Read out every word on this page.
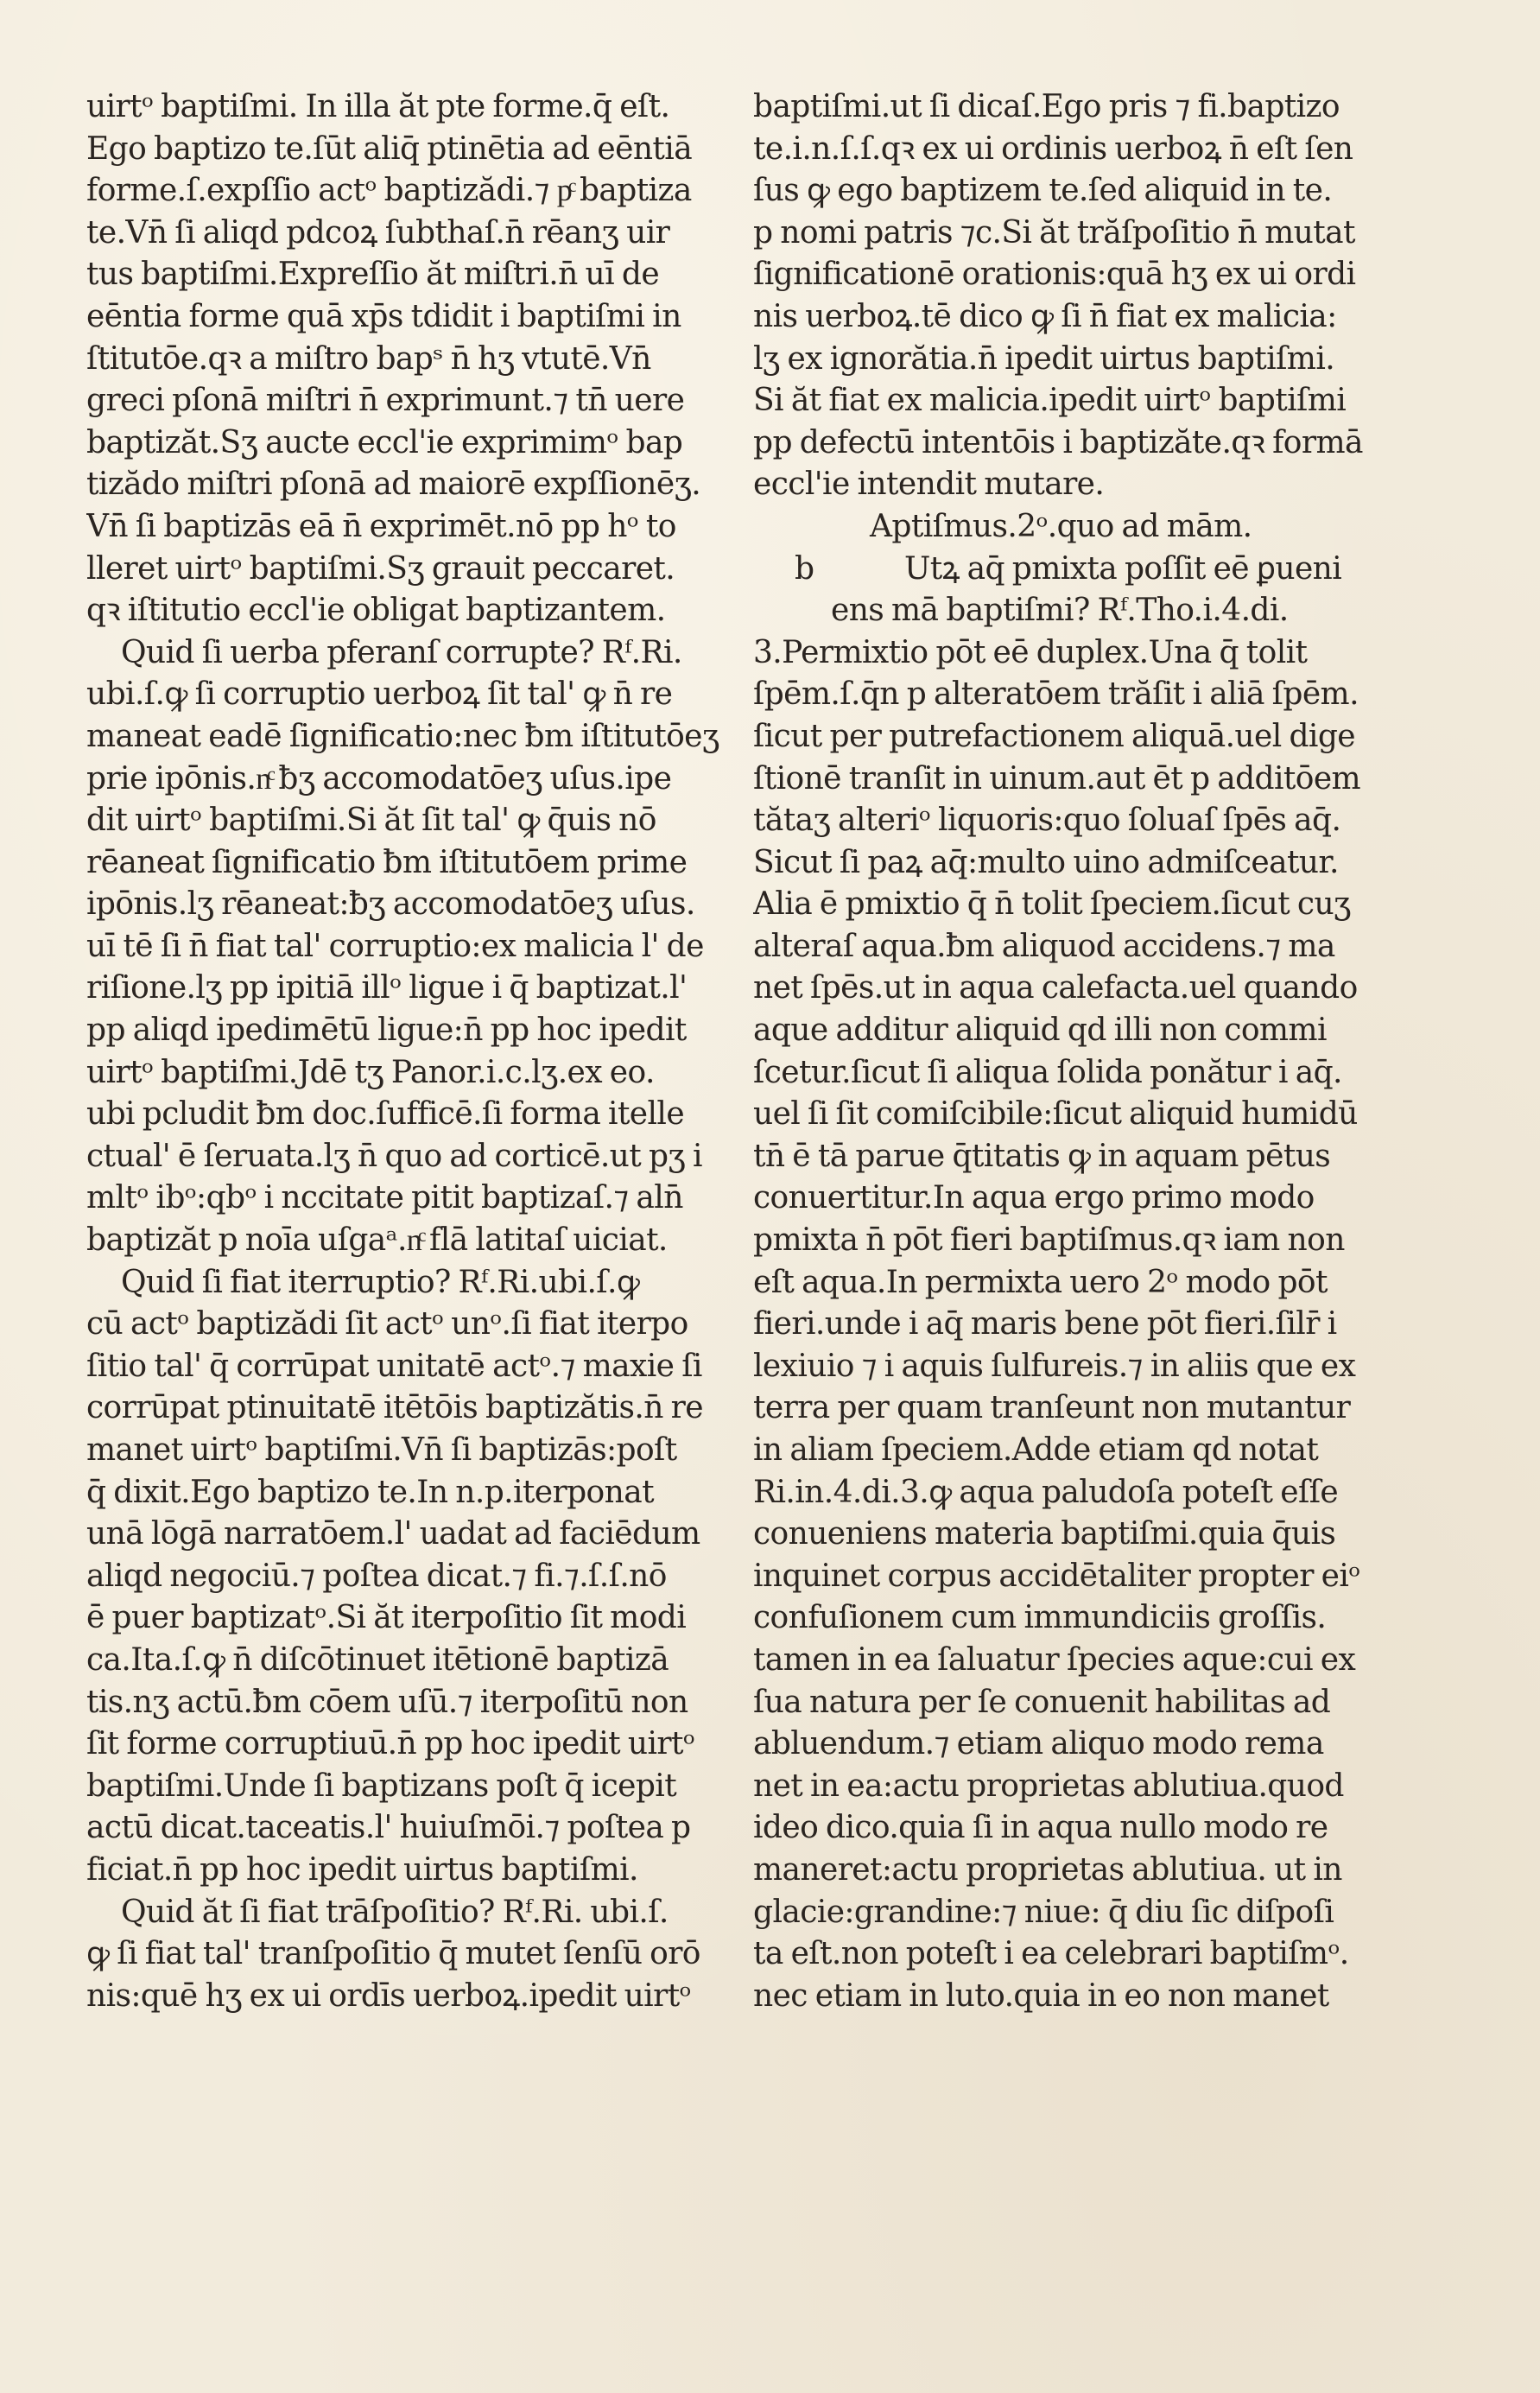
uirtᵒ baptiſmi. In illa ăt pte forme.q̄ eſt.
Ego baptizo te.ſūt aliq̄ ptinētia ad eēntiā
forme.ſ.expſſio actᵒ baptizădi.⁊ pͨ baptiza
te.Vn̄ ſi aliqd pdcoꝝ ſubthaſ.n̄ rēanʒ uir
tus baptiſmi.Expreſſio ăt miſtri.n̄ uī de
eēntia forme quā xp̄s tdidit i baptiſmi in
ſtitutōe.qꝛ a miſtro bapˢ n̄ hʒ vtutē.Vn̄
greci pſonā miſtri n̄ exprimunt.⁊ tn̄ uere
baptizăt.Sʒ aucte eccl'ie exprimimᵒ bap
tizădo miſtri pſonā ad maiorē expſſionēʒ.
Vn̄ ſi baptizās eā n̄ exprimēt.nō pp hᵒ to
lleret uirtᵒ baptiſmi.Sʒ grauit peccaret.
qꝛ iſtitutio eccl'ie obligat baptizantem.
Quid ſi uerba pferanſ corrupte? Rᶠ.Ri.
ubi.ſ.ꝙ ſi corruptio uerboꝝ ſit tal' ꝙ n̄ re
maneat eadē ſignificatio:nec ƀm iſtitutōeʒ
prie ipōnis.nͨ ƀʒ accomodatōeʒ uſus.ipe
dit uirtᵒ baptiſmi.Si ăt ſit tal' ꝙ q̄uis nō
rēaneat ſignificatio ƀm iſtitutōem prime
ipōnis.lʒ rēaneat:ƀʒ accomodatōeʒ uſus.
uī tē ſi n̄ fiat tal' corruptio:ex malicia l' de
riſione.lʒ pp ipitiā illᵒ ligue i q̄ baptizat.l'
pp aliqd ipedimētū ligue:n̄ pp hoc ipedit
uirtᵒ baptiſmi.Jdē tʒ Panor.i.c.lʒ.ex eo.
ubi pcludit ƀm doc.ſufficē.ſi forma itelle
ctual' ē ſeruata.lʒ n̄ quo ad corticē.ut pʒ i
mltᵒ ibᵒ:qbᵒ i nccitate pitit baptizaſ.⁊ aln̄
baptizăt p noīa uſgaᵃ.nͨ flā latitaſ uiciat.
Quid ſi fiat iterruptio? Rᶠ.Ri.ubi.ſ.ꝙ
cū actᵒ baptizădi ſit actᵒ unᵒ.ſi fiat iterpo
ſitio tal' q̄ corrūpat unitatē actᵒ.⁊ maxie ſi
corrūpat ptinuitatē itētōis baptizătis.n̄ re
manet uirtᵒ baptiſmi.Vn̄ ſi baptizās:poſt
q̄̄ dixit.Ego baptizo te.In n.p.iterponat
unā lōgā narratōem.l' uadat ad faciēdum
aliqd negociū.⁊ poſtea dicat.⁊ fi.⁊.ſ.ſ.nō
ē puer baptizatᵒ.Si ăt iterpoſitio ſit modi
ca.Ita.ſ.ꝙ n̄ diſcōtinuet itētionē baptizā
tis.nʒ actū.ƀm cōem uſū.⁊ iterpoſitū non
ſit forme corruptiuū.n̄ pp hoc ipedit uirtᵒ
baptiſmi.Unde ſi baptizans poſt q̄ icepit
actū dicat.taceatis.l' huiuſmōi.⁊ poſtea p
ficiat.n̄ pp hoc ipedit uirtus baptiſmi.
Quid ăt ſi fiat trāſpoſitio? Rᶠ.Ri. ubi.ſ.
ꝙ ſi fiat tal' tranſpoſitio q̄ mutet ſenſū orō
nis:quē hʒ ex ui ordīs uerboꝝ.ipedit uirtᵒ
baptiſmi.ut ſi dicaſ.Ego pris ⁊ fi.baptizo
te.i.n.ſ.ſ.qꝛ ex ui ordinis uerboꝝ n̄ eſt ſen
ſus ꝙ ego baptizem te.ſed aliquid in te.
p nomi patris ⁊c.Si ăt trăſpoſitio n̄ mutat
ſignificationē orationis:quā hʒ ex ui ordi
nis uerboꝝ.tē dico ꝙ ſi n̄ fiat ex malicia:
lʒ ex ignorătia.n̄ ipedit uirtus baptiſmi.
Si ăt fiat ex malicia.ipedit uirtᵒ baptiſmi
pp defectū intentōis i baptizăte.qꝛ formā
eccl'ie intendit mutare.
Aptiſmus.2ᵒ.quo ad mām.
b	Utꝝ aq̄ pmixta poſſit eē ꝑueni
ens mā baptiſmi? Rᶠ.Tho.i.4.di.
3.Permixtio pōt eē duplex.Una q̄ tolit
ſpēm.ſ.q̄n p alteratōem trăſit i aliā ſpēm.
ſicut per putrefactionem aliquā.uel dige
ſtionē tranſit in uinum.aut ēt p additōem
tătaʒ alteriᵒ liquoris:quo ſoluaſ ſpēs aq̄.
Sicut ſi paꝝ aq̄:multo uino admiſceatur.
Alia ē pmixtio q̄ n̄ tolit ſpeciem.ſicut cuʒ
alteraſ aqua.ƀm aliquod accidens.⁊ ma
net ſpēs.ut in aqua calefacta.uel quando
aque additur aliquid qd illi non commi
ſcetur.ſicut ſi aliqua ſolida ponătur i aq̄.
uel ſi ſit comiſcibile:ſicut aliquid humidū
tn̄ ē tā parue q̄titatis ꝙ in aquam pētus
conuertitur.In aqua ergo primo modo
pmixta n̄ pōt fieri baptiſmus.qꝛ iam non
eſt aqua.In permixta uero 2ᵒ modo pōt
fieri.unde i aq̄ maris bene pōt fieri.ſilr̄ i
lexiuio ⁊ i aquis ſulfureis.⁊ in aliis que ex
terra per quam tranſeunt non mutantur
in aliam ſpeciem.Adde etiam qd notat
Ri.in.4.di.3.ꝙ aqua paludoſa poteſt eſſe
conueniens materia baptiſmi.quia q̄uis
inquinet corpus accidētaliter propter eiᵒ
confuſionem cum immundiciis groſſis.
tamen in ea ſaluatur ſpecies aque:cui ex
ſua natura per ſe conuenit habilitas ad
abluendum.⁊ etiam aliquo modo rema
net in ea:actu proprietas ablutiua.quod
ideo dico.quia ſi in aqua nullo modo re
maneret:actu proprietas ablutiua. ut in
glacie:grandine:⁊ niue: q̄ diu ſic diſpoſi
ta eſt.non poteſt i ea celebrari baptiſmᵒ.
nec etiam in luto.quia in eo non manet
